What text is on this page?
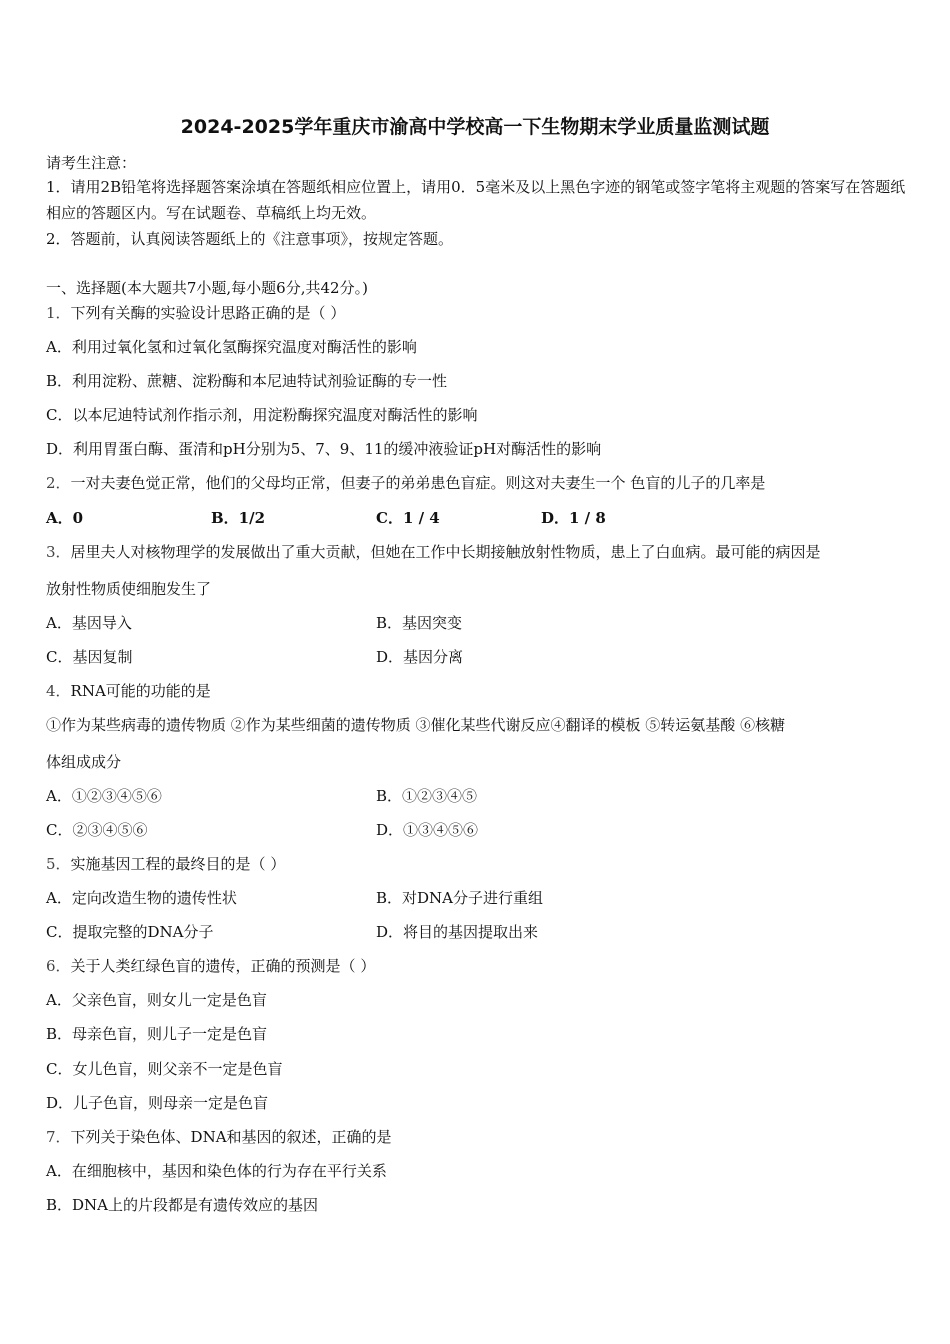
2024-2025学年重庆市渝高中学校高一下生物期末学业质量监测试题
请考生注意：
1．请用2B铅笔将选择题答案涂填在答题纸相应位置上，请用0．5毫米及以上黑色字迹的钢笔或签字笔将主观题的答案写在答题纸相应的答题区内。写在试题卷、草稿纸上均无效。
2．答题前，认真阅读答题纸上的《注意事项》，按规定答题。
一、选择题(本大题共7小题,每小题6分,共42分。)
1．下列有关酶的实验设计思路正确的是（ ）
A．利用过氧化氢和过氧化氢酶探究温度对酶活性的影响
B．利用淀粉、蔗糖、淀粉酶和本尼迪特试剂验证酶的专一性
C．以本尼迪特试剂作指示剂，用淀粉酶探究温度对酶活性的影响
D．利用胃蛋白酶、蛋清和pH分别为5、7、9、11的缓冲液验证pH对酶活性的影响
2．一对夫妻色觉正常，他们的父母均正常，但妻子的弟弟患色盲症。则这对夫妻生一个 色盲的儿子的几率是
A．0	B．1/2	C．1 / 4	D．1 / 8
3．居里夫人对核物理学的发展做出了重大贡献，但她在工作中长期接触放射性物质，患上了白血病。最可能的病因是
放射性物质使细胞发生了
A．基因导入	B．基因突变
C．基因复制	D．基因分离
4．RNA可能的功能的是
①作为某些病毒的遗传物质 ②作为某些细菌的遗传物质 ③催化某些代谢反应④翻译的模板 ⑤转运氨基酸 ⑥核糖
体组成成分
A．①②③④⑤⑥	B．①②③④⑤
C．②③④⑤⑥	D．①③④⑤⑥
5．实施基因工程的最终目的是（ ）
A．定向改造生物的遗传性状	B．对DNA分子进行重组
C．提取完整的DNA分子	D．将目的基因提取出来
6．关于人类红绿色盲的遗传，正确的预测是（ ）
A．父亲色盲，则女儿一定是色盲
B．母亲色盲，则儿子一定是色盲
C．女儿色盲，则父亲不一定是色盲
D．儿子色盲，则母亲一定是色盲
7．下列关于染色体、DNA和基因的叙述，正确的是
A．在细胞核中，基因和染色体的行为存在平行关系
B．DNA上的片段都是有遗传效应的基因
